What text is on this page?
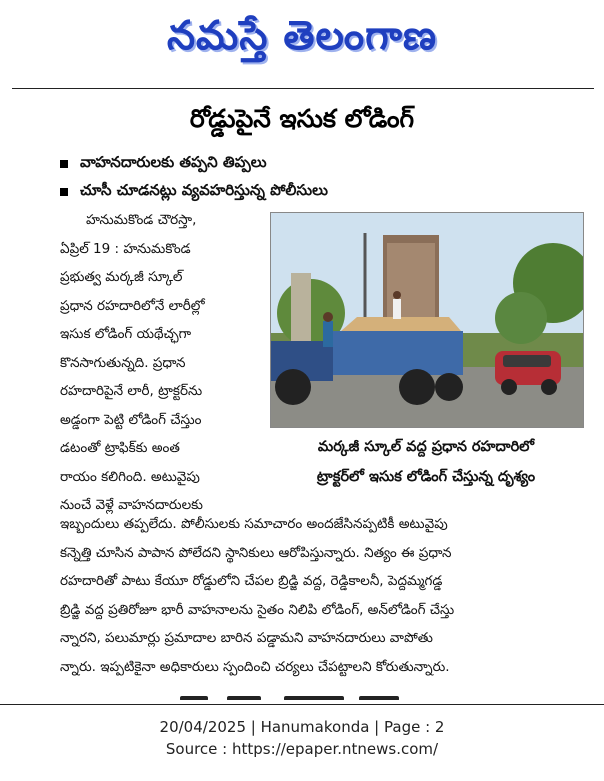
నమస్తే తెలంగాణ
రోడ్డుపైనే ఇసుక లోడింగ్
వాహనదారులకు తప్పని తిప్పలు
చూసీ చూడనట్లు వ్యవహరిస్తున్న పోలీసులు
హనుమకొండ చౌరస్తా,
ఏప్రిల్ 19 : హనుమకొండ
ప్రభుత్వ మర్కజీ స్కూల్
ప్రధాన రహదారిలోనే లారీల్లో
ఇసుక లోడింగ్ యథేచ్ఛగా
కొనసాగుతున్నది. ప్రధాన
రహదారిపైనే లారీ, ట్రాక్టర్‌ను
అడ్డంగా పెట్టి లోడింగ్ చేస్తుం
డటంతో ట్రాఫిక్‌కు అంత
రాయం కలిగింది. అటువైపు
నుంచే వెళ్లే వాహనదారులకు
మర్కజీ స్కూల్ వద్ద ప్రధాన రహదారిలో
ట్రాక్టర్‌లో ఇసుక లోడింగ్ చేస్తున్న దృశ్యం
ఇబ్బందులు తప్పలేదు. పోలీసులకు సమాచారం అందజేసినప్పటికీ అటువైపు
కన్నెత్తి చూసిన పాపాన పోలేదని స్థానికులు ఆరోపిస్తున్నారు. నిత్యం ఈ ప్రధాన
రహదారితో పాటు కేయూ రోడ్డులోని చేపల బ్రిడ్జి వద్ద, రెడ్డికాలనీ, పెద్దమ్మగడ్డ
బ్రిడ్జి వద్ద ప్రతిరోజూ భారీ వాహనాలను సైతం నిలిపి లోడింగ్, అన్‌లోడింగ్ చేస్తు
న్నారని, పలుమార్లు ప్రమాదాల బారిన పడ్డామని వాహనదారులు వాపోతు
న్నారు. ఇప్పటికైనా అధికారులు స్పందించి చర్యలు చేపట్టాలని కోరుతున్నారు.

20/04/2025 | Hanumakonda | Page : 2
Source : https://epaper.ntnews.com/
